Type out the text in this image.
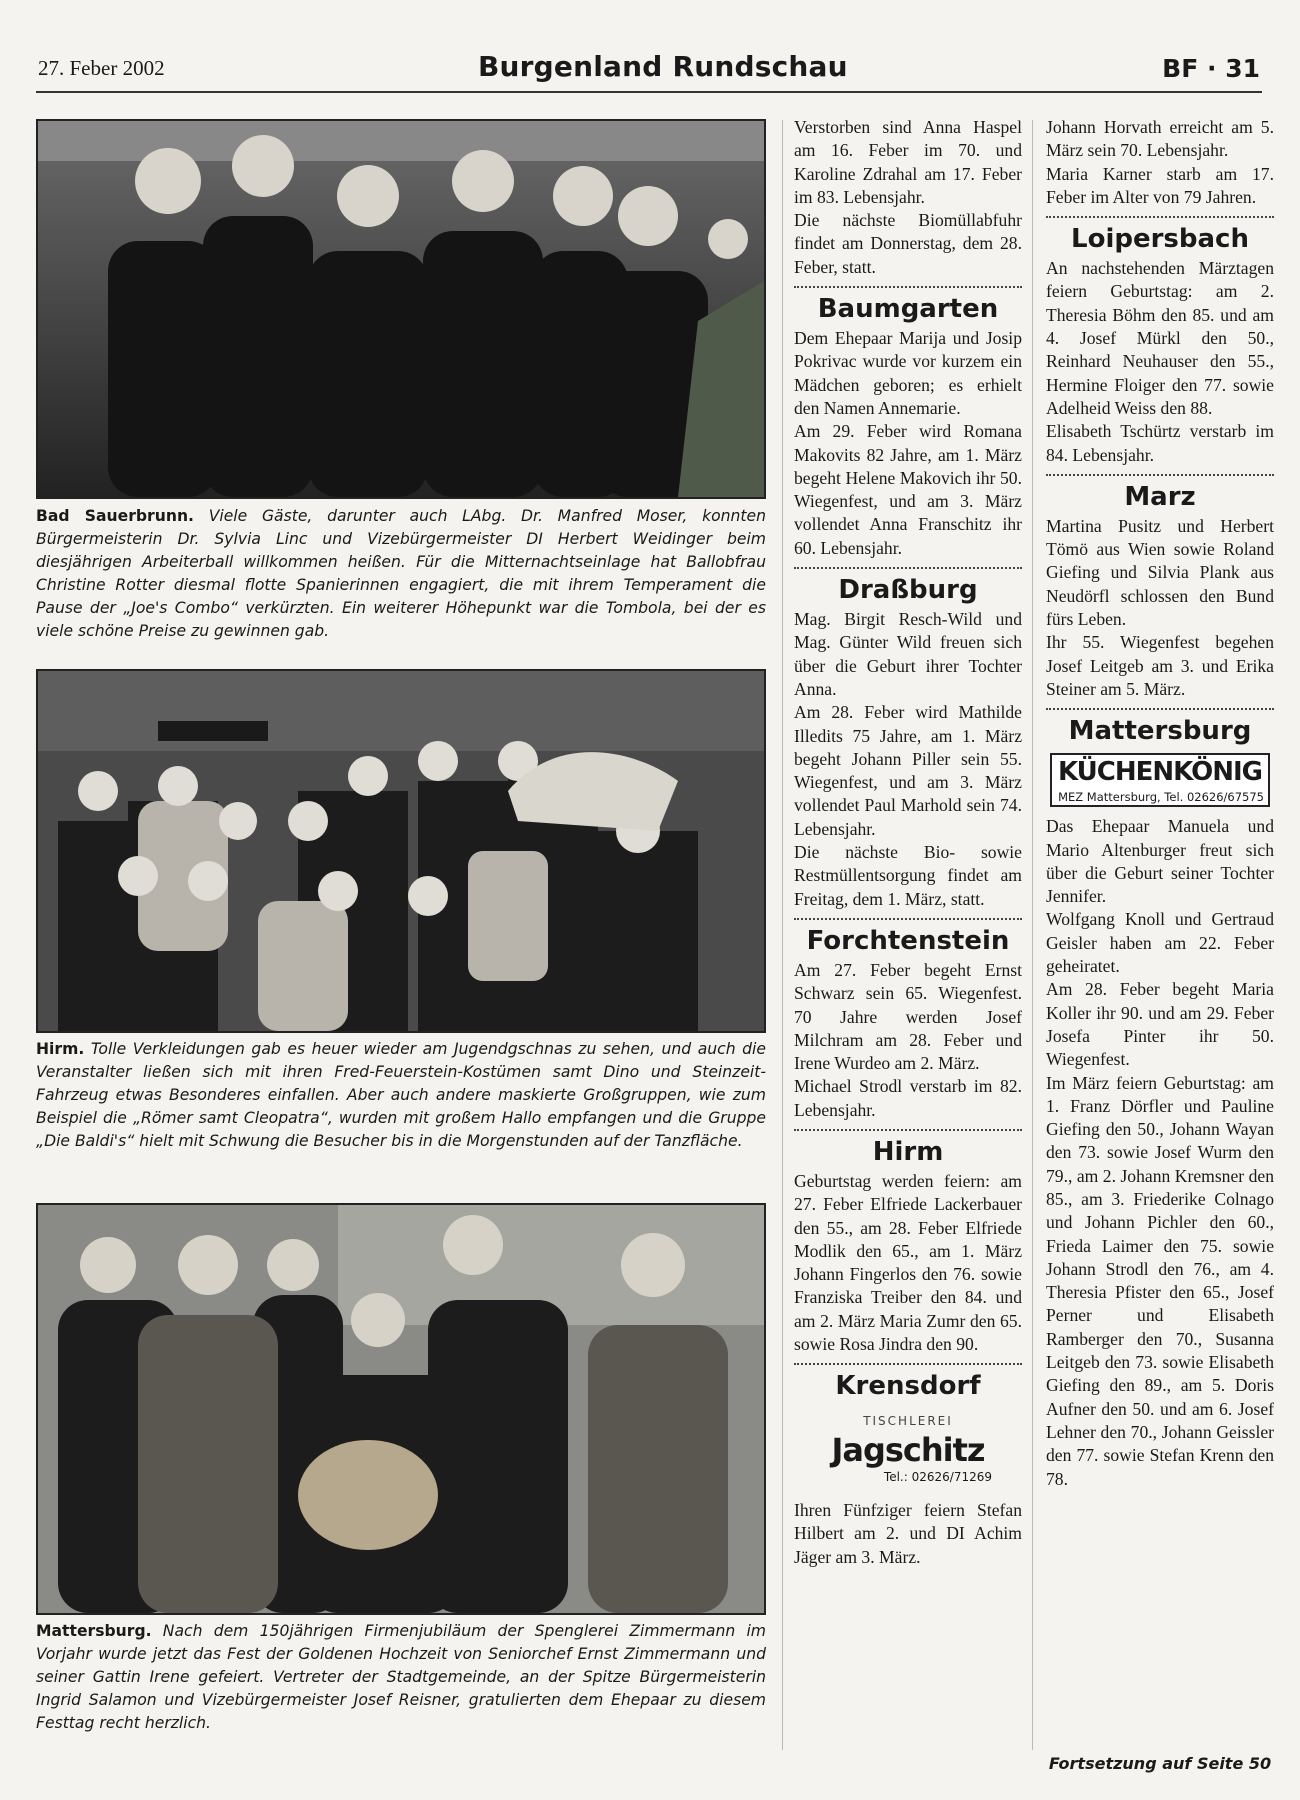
27. Feber 2002	Burgenland Rundschau	BF · 31
Bad Sauerbrunn. Viele Gäste, darunter auch LAbg. Dr. Manfred Moser, konnten Bürgermeisterin Dr. Sylvia Linc und Vizebürgermeister DI Herbert Weidinger beim diesjährigen Arbeiterball willkommen heißen. Für die Mitternachtseinlage hat Ballobfrau Christine Rotter diesmal flotte Spanierinnen engagiert, die mit ihrem Temperament die Pause der „Joe's Combo“ verkürzten. Ein weiterer Höhepunkt war die Tombola, bei der es viele schöne Preise zu gewinnen gab.
Hirm. Tolle Verkleidungen gab es heuer wieder am Jugendgschnas zu sehen, und auch die Veranstalter ließen sich mit ihren Fred-Feuerstein-Kostümen samt Dino und Steinzeit-Fahrzeug etwas Besonderes einfallen. Aber auch andere maskierte Großgruppen, wie zum Beispiel die „Römer samt Cleopatra“, wurden mit großem Hallo empfangen und die Gruppe „Die Baldi's“ hielt mit Schwung die Besucher bis in die Morgenstunden auf der Tanzfläche.
Mattersburg. Nach dem 150jährigen Firmenjubiläum der Spenglerei Zimmermann im Vorjahr wurde jetzt das Fest der Goldenen Hochzeit von Seniorchef Ernst Zimmermann und seiner Gattin Irene gefeiert. Vertreter der Stadtgemeinde, an der Spitze Bürgermeisterin Ingrid Salamon und Vizebürgermeister Josef Reisner, gratulierten dem Ehepaar zu diesem Festtag recht herzlich.

Verstorben sind Anna Haspel am 16. Feber im 70. und Karoline Zdrahal am 17. Feber im 83. Lebensjahr.

Die nächste Biomüllabfuhr findet am Donnerstag, dem 28. Feber, statt.

Baumgarten

Dem Ehepaar Marija und Josip Pokrivac wurde vor kurzem ein Mädchen geboren; es erhielt den Namen Annemarie.

Am 29. Feber wird Romana Makovits 82 Jahre, am 1. März begeht Helene Makovich ihr 50. Wiegenfest, und am 3. März vollendet Anna Franschitz ihr 60. Lebensjahr.

Draßburg

Mag. Birgit Resch-Wild und Mag. Günter Wild freuen sich über die Geburt ihrer Tochter Anna.

Am 28. Feber wird Mathilde Illedits 75 Jahre, am 1. März begeht Johann Piller sein 55. Wiegenfest, und am 3. März vollendet Paul Marhold sein 74. Lebensjahr.

Die nächste Bio- sowie Restmüllentsorgung findet am Freitag, dem 1. März, statt.

Forchtenstein

Am 27. Feber begeht Ernst Schwarz sein 65. Wiegenfest. 70 Jahre werden Josef Milchram am 28. Feber und Irene Wurdeo am 2. März.

Michael Strodl verstarb im 82. Lebensjahr.

Hirm

Geburtstag werden feiern: am 27. Feber Elfriede Lackerbauer den 55., am 28. Feber Elfriede Modlik den 65., am 1. März Johann Fingerlos den 76. sowie Franziska Treiber den 84. und am 2. März Maria Zumr den 65. sowie Rosa Jindra den 90.

Krensdorf
TISCHLEREI
Jagschitz
Tel.: 02626/71269

Ihren Fünfziger feiern Stefan Hilbert am 2. und DI Achim Jäger am 3. März.

Johann Horvath erreicht am 5. März sein 70. Lebensjahr.

Maria Karner starb am 17. Feber im Alter von 79 Jahren.

Loipersbach

An nachstehenden Märztagen feiern Geburtstag: am 2. Theresia Böhm den 85. und am 4. Josef Mürkl den 50., Reinhard Neuhauser den 55., Hermine Floiger den 77. sowie Adelheid Weiss den 88.

Elisabeth Tschürtz verstarb im 84. Lebensjahr.

Marz

Martina Pusitz und Herbert Tömö aus Wien sowie Roland Giefing und Silvia Plank aus Neudörfl schlossen den Bund fürs Leben.

Ihr 55. Wiegenfest begehen Josef Leitgeb am 3. und Erika Steiner am 5. März.

Mattersburg
KÜCHENKÖNIG
MEZ Mattersburg, Tel. 02626/67575

Das Ehepaar Manuela und Mario Altenburger freut sich über die Geburt seiner Tochter Jennifer.

Wolfgang Knoll und Gertraud Geisler haben am 22. Feber geheiratet.

Am 28. Feber begeht Maria Koller ihr 90. und am 29. Feber Josefa Pinter ihr 50. Wiegenfest.

Im März feiern Geburtstag: am 1. Franz Dörfler und Pauline Giefing den 50., Johann Wayan den 73. sowie Josef Wurm den 79., am 2. Johann Kremsner den 85., am 3. Friederike Colnago und Johann Pichler den 60., Frieda Laimer den 75. sowie Johann Strodl den 76., am 4. Theresia Pfister den 65., Josef Perner und Elisabeth Ramberger den 70., Susanna Leitgeb den 73. sowie Elisabeth Giefing den 89., am 5. Doris Aufner den 50. und am 6. Josef Lehner den 70., Johann Geissler den 77. sowie Stefan Krenn den 78.

Fortsetzung auf Seite 50
